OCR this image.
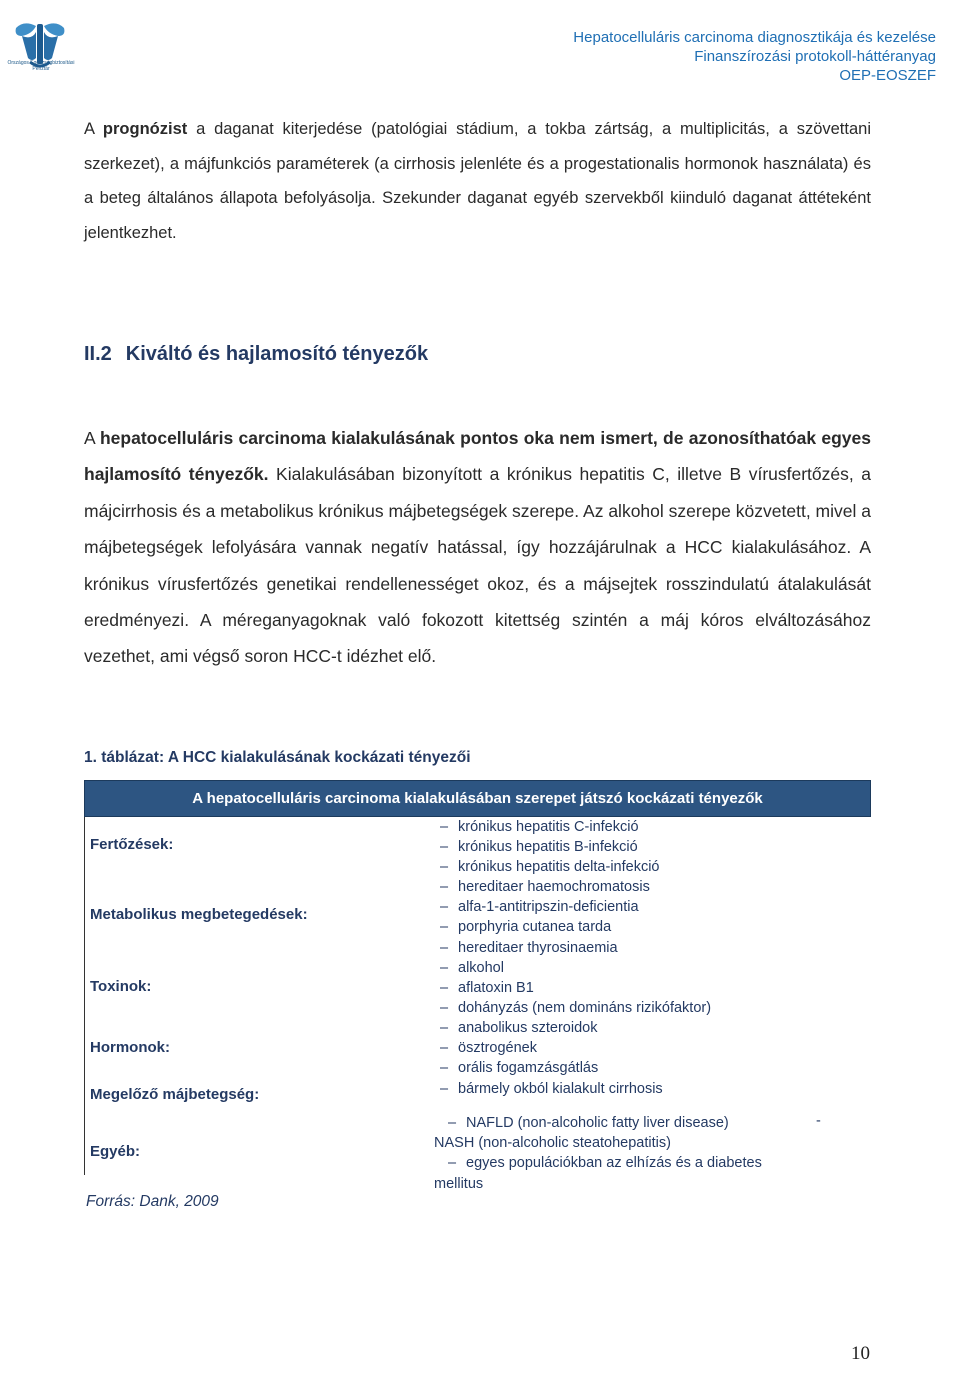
Országos Egészségbiztosítási Pénztár
Hepatocelluláris carcinoma diagnosztikája és kezelése
Finanszírozási protokoll-háttéranyag
OEP-EOSZEF

A prognózist a daganat kiterjedése (patológiai stádium, a tokba zártság, a multiplicitás, a szövettani szerkezet), a májfunkciós paraméterek (a cirrhosis jelenléte és a progestationalis hormonok használata) és a beteg általános állapota befolyásolja. Szekunder daganat egyéb szervekből kiinduló daganat áttéteként jelentkezhet.

II.2 Kiváltó és hajlamosító tényezők

A hepatocelluláris carcinoma kialakulásának pontos oka nem ismert, de azonosíthatóak egyes hajlamosító tényezők. Kialakulásában bizonyított a krónikus hepatitis C, illetve B vírusfertőzés, a májcirrhosis és a metabolikus krónikus májbetegségek szerepe. Az alkohol szerepe közvetett, mivel a májbetegségek lefolyására vannak negatív hatással, így hozzájárulnak a HCC kialakulásához. A krónikus vírusfertőzés genetikai rendellenességet okoz, és a májsejtek rosszindulatú átalakulását eredményezi. A méreganyagoknak való fokozott kitettség szintén a máj kóros elváltozásához vezethet, ami végső soron HCC-t idézhet elő.

1. táblázat: A HCC kialakulásának kockázati tényezői
A hepatocelluláris carcinoma kialakulásában szerepet játszó kockázati tényezők
Fertőzések:
– krónikus hepatitis C-infekció
– krónikus hepatitis B-infekció
– krónikus hepatitis delta-infekció
Metabolikus megbetegedések:
– hereditaer haemochromatosis
– alfa-1-antitripszin-deficientia
– porphyria cutanea tarda
– hereditaer thyrosinaemia
Toxinok:
– alkohol
– aflatoxin B1
– dohányzás (nem domináns rizikófaktor)
Hormonok:
– anabolikus szteroidok
– ösztrogének
– orális fogamzásgátlás
Megelőző májbetegség:	– bármely okból kialakult cirrhosis
Egyéb:
– NAFLD (non-alcoholic fatty liver disease)
NASH (non-alcoholic steatohepatitis)
– egyes populációkban az elhízás és a diabetes
mellitus
-
Forrás: Dank, 2009
10
